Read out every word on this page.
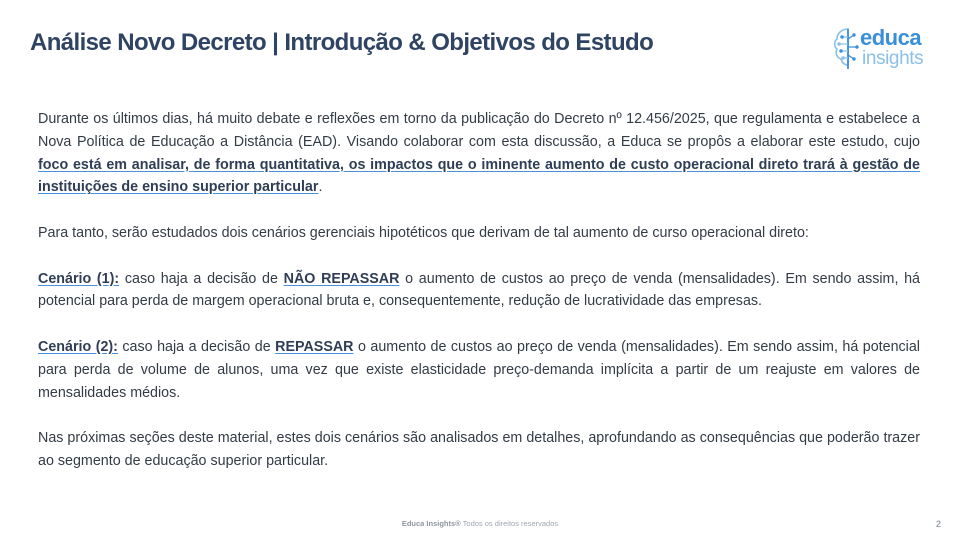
Análise Novo Decreto | Introdução & Objetivos do Estudo	educa
insights

Durante os últimos dias, há muito debate e reflexões em torno da publicação do Decreto nº 12.456/2025, que regulamenta e estabelece a Nova Política de Educação a Distância (EAD). Visando colaborar com esta discussão, a Educa se propôs a elaborar este estudo, cujo foco está em analisar, de forma quantitativa, os impactos que o iminente aumento de custo operacional direto trará à gestão de instituições de ensino superior particular.

Para tanto, serão estudados dois cenários gerenciais hipotéticos que derivam de tal aumento de curso operacional direto:

Cenário (1): caso haja a decisão de NÃO REPASSAR o aumento de custos ao preço de venda (mensalidades). Em sendo assim, há potencial para perda de margem operacional bruta e, consequentemente, redução de lucratividade das empresas.

Cenário (2): caso haja a decisão de REPASSAR o aumento de custos ao preço de venda (mensalidades). Em sendo assim, há potencial para perda de volume de alunos, uma vez que existe elasticidade preço-demanda implícita a partir de um reajuste em valores de mensalidades médios.

Nas próximas seções deste material, estes dois cenários são analisados em detalhes, aprofundando as consequências que poderão trazer ao segmento de educação superior particular.

Educa Insights® Todos os direitos reservados	2
